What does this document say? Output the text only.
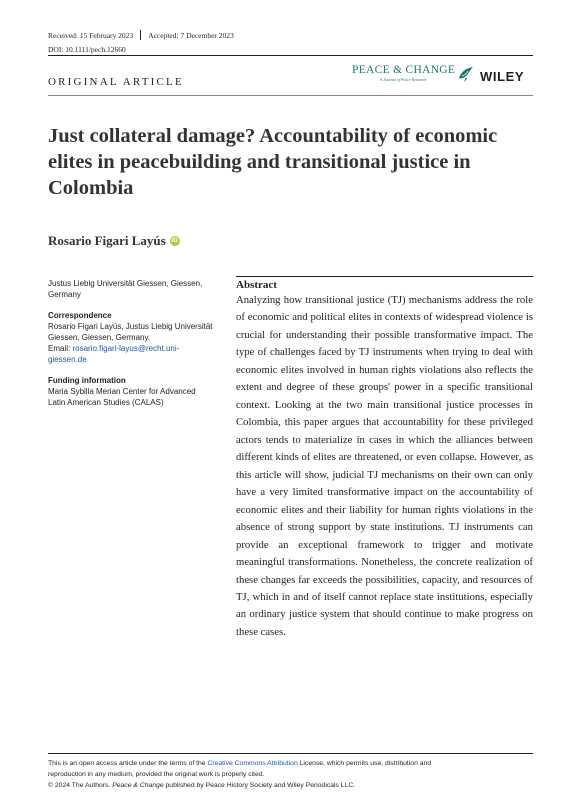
Received: 15 February 2023 Accepted: 7 December 2023
DOI: 10.1111/pech.12660
ORIGINAL ARTICLE
PEACE & CHANGE
A Journal of Peace Research	WILEY
Just collateral damage? Accountability of economic elites in peacebuilding and transitional justice in Colombia
Rosario Figari Layús iD
Justus Liebig Universität Giessen, Giessen, Germany
Correspondence
Rosario Figari Layús, Justus Liebig Universität Giessen, Giessen, Germany.
Email: rosario.figari-layus@recht.uni-giessen.de
Funding information
Maria Sybilla Merian Center for Advanced Latin American Studies (CALAS)
Abstract

Analyzing how transitional justice (TJ) mechanisms address the role of economic and political elites in contexts of widespread violence is crucial for understanding their possible transformative impact. The type of challenges faced by TJ instruments when trying to deal with economic elites involved in human rights violations also reflects the extent and degree of these groups' power in a specific transitional context. Looking at the two main transitional justice processes in Colombia, this paper argues that accountability for these privileged actors tends to materialize in cases in which the alliances between different kinds of elites are threatened, or even collapse. However, as this article will show, judicial TJ mechanisms on their own can only have a very limited transformative impact on the accountability of economic elites and their liability for human rights violations in the absence of strong support by state institutions. TJ instruments can provide an exceptional framework to trigger and motivate meaningful transformations. Nonetheless, the concrete realization of these changes far exceeds the possibilities, capacity, and resources of TJ, which in and of itself cannot replace state institutions, especially an ordinary justice system that should continue to make progress on these cases.

This is an open access article under the terms of the Creative Commons Attribution License, which permits use, distribution and
reproduction in any medium, provided the original work is properly cited.
© 2024 The Authors. Peace & Change published by Peace History Society and Wiley Periodicals LLC.
